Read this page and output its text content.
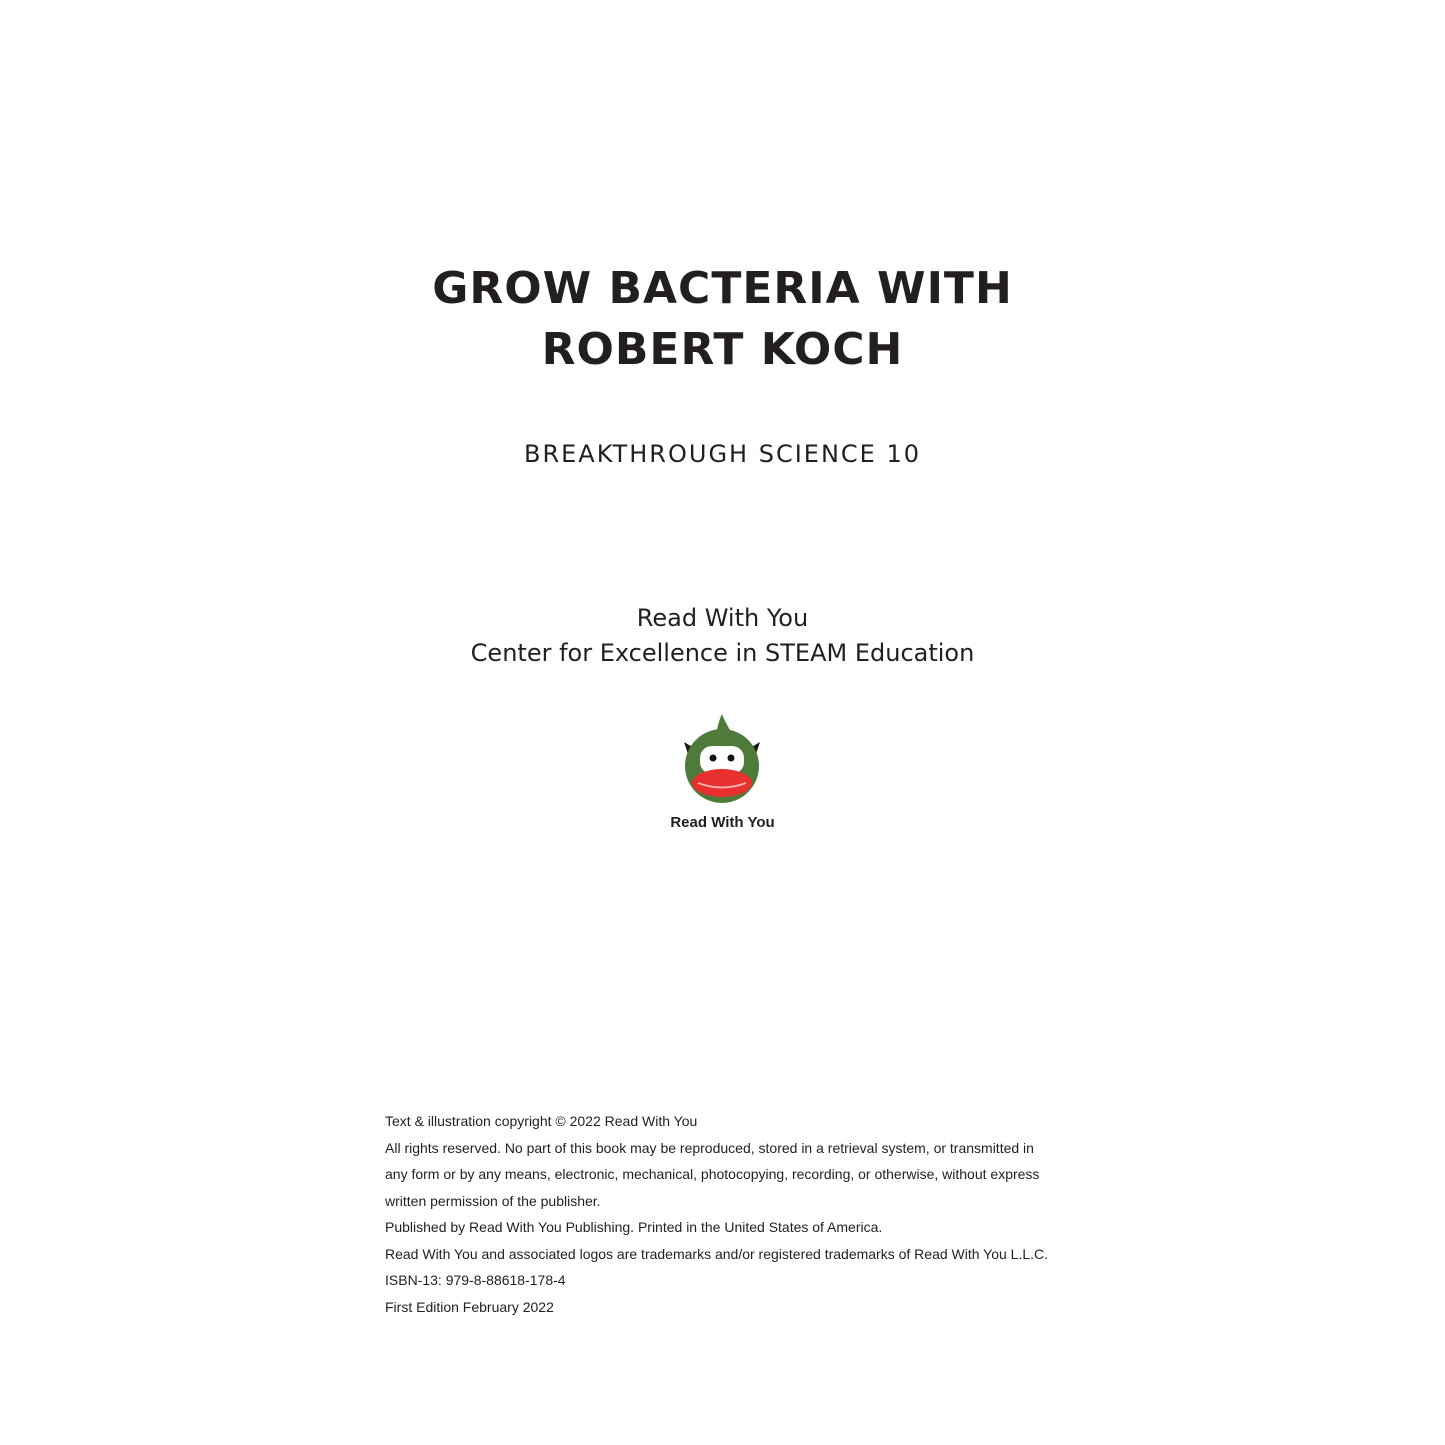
GROW BACTERIA WITH
ROBERT KOCH
BREAKTHROUGH SCIENCE 10
Read With You
Center for Excellence in STEAM Education
Read With You
Text & illustration copyright © 2022 Read With You
All rights reserved. No part of this book may be reproduced, stored in a retrieval system, or transmitted in
any form or by any means, electronic, mechanical, photocopying, recording, or otherwise, without express
written permission of the publisher.
Published by Read With You Publishing. Printed in the United States of America.
Read With You and associated logos are trademarks and/or registered trademarks of Read With You L.L.C.
ISBN-13: 979-8-88618-178-4
First Edition February 2022
